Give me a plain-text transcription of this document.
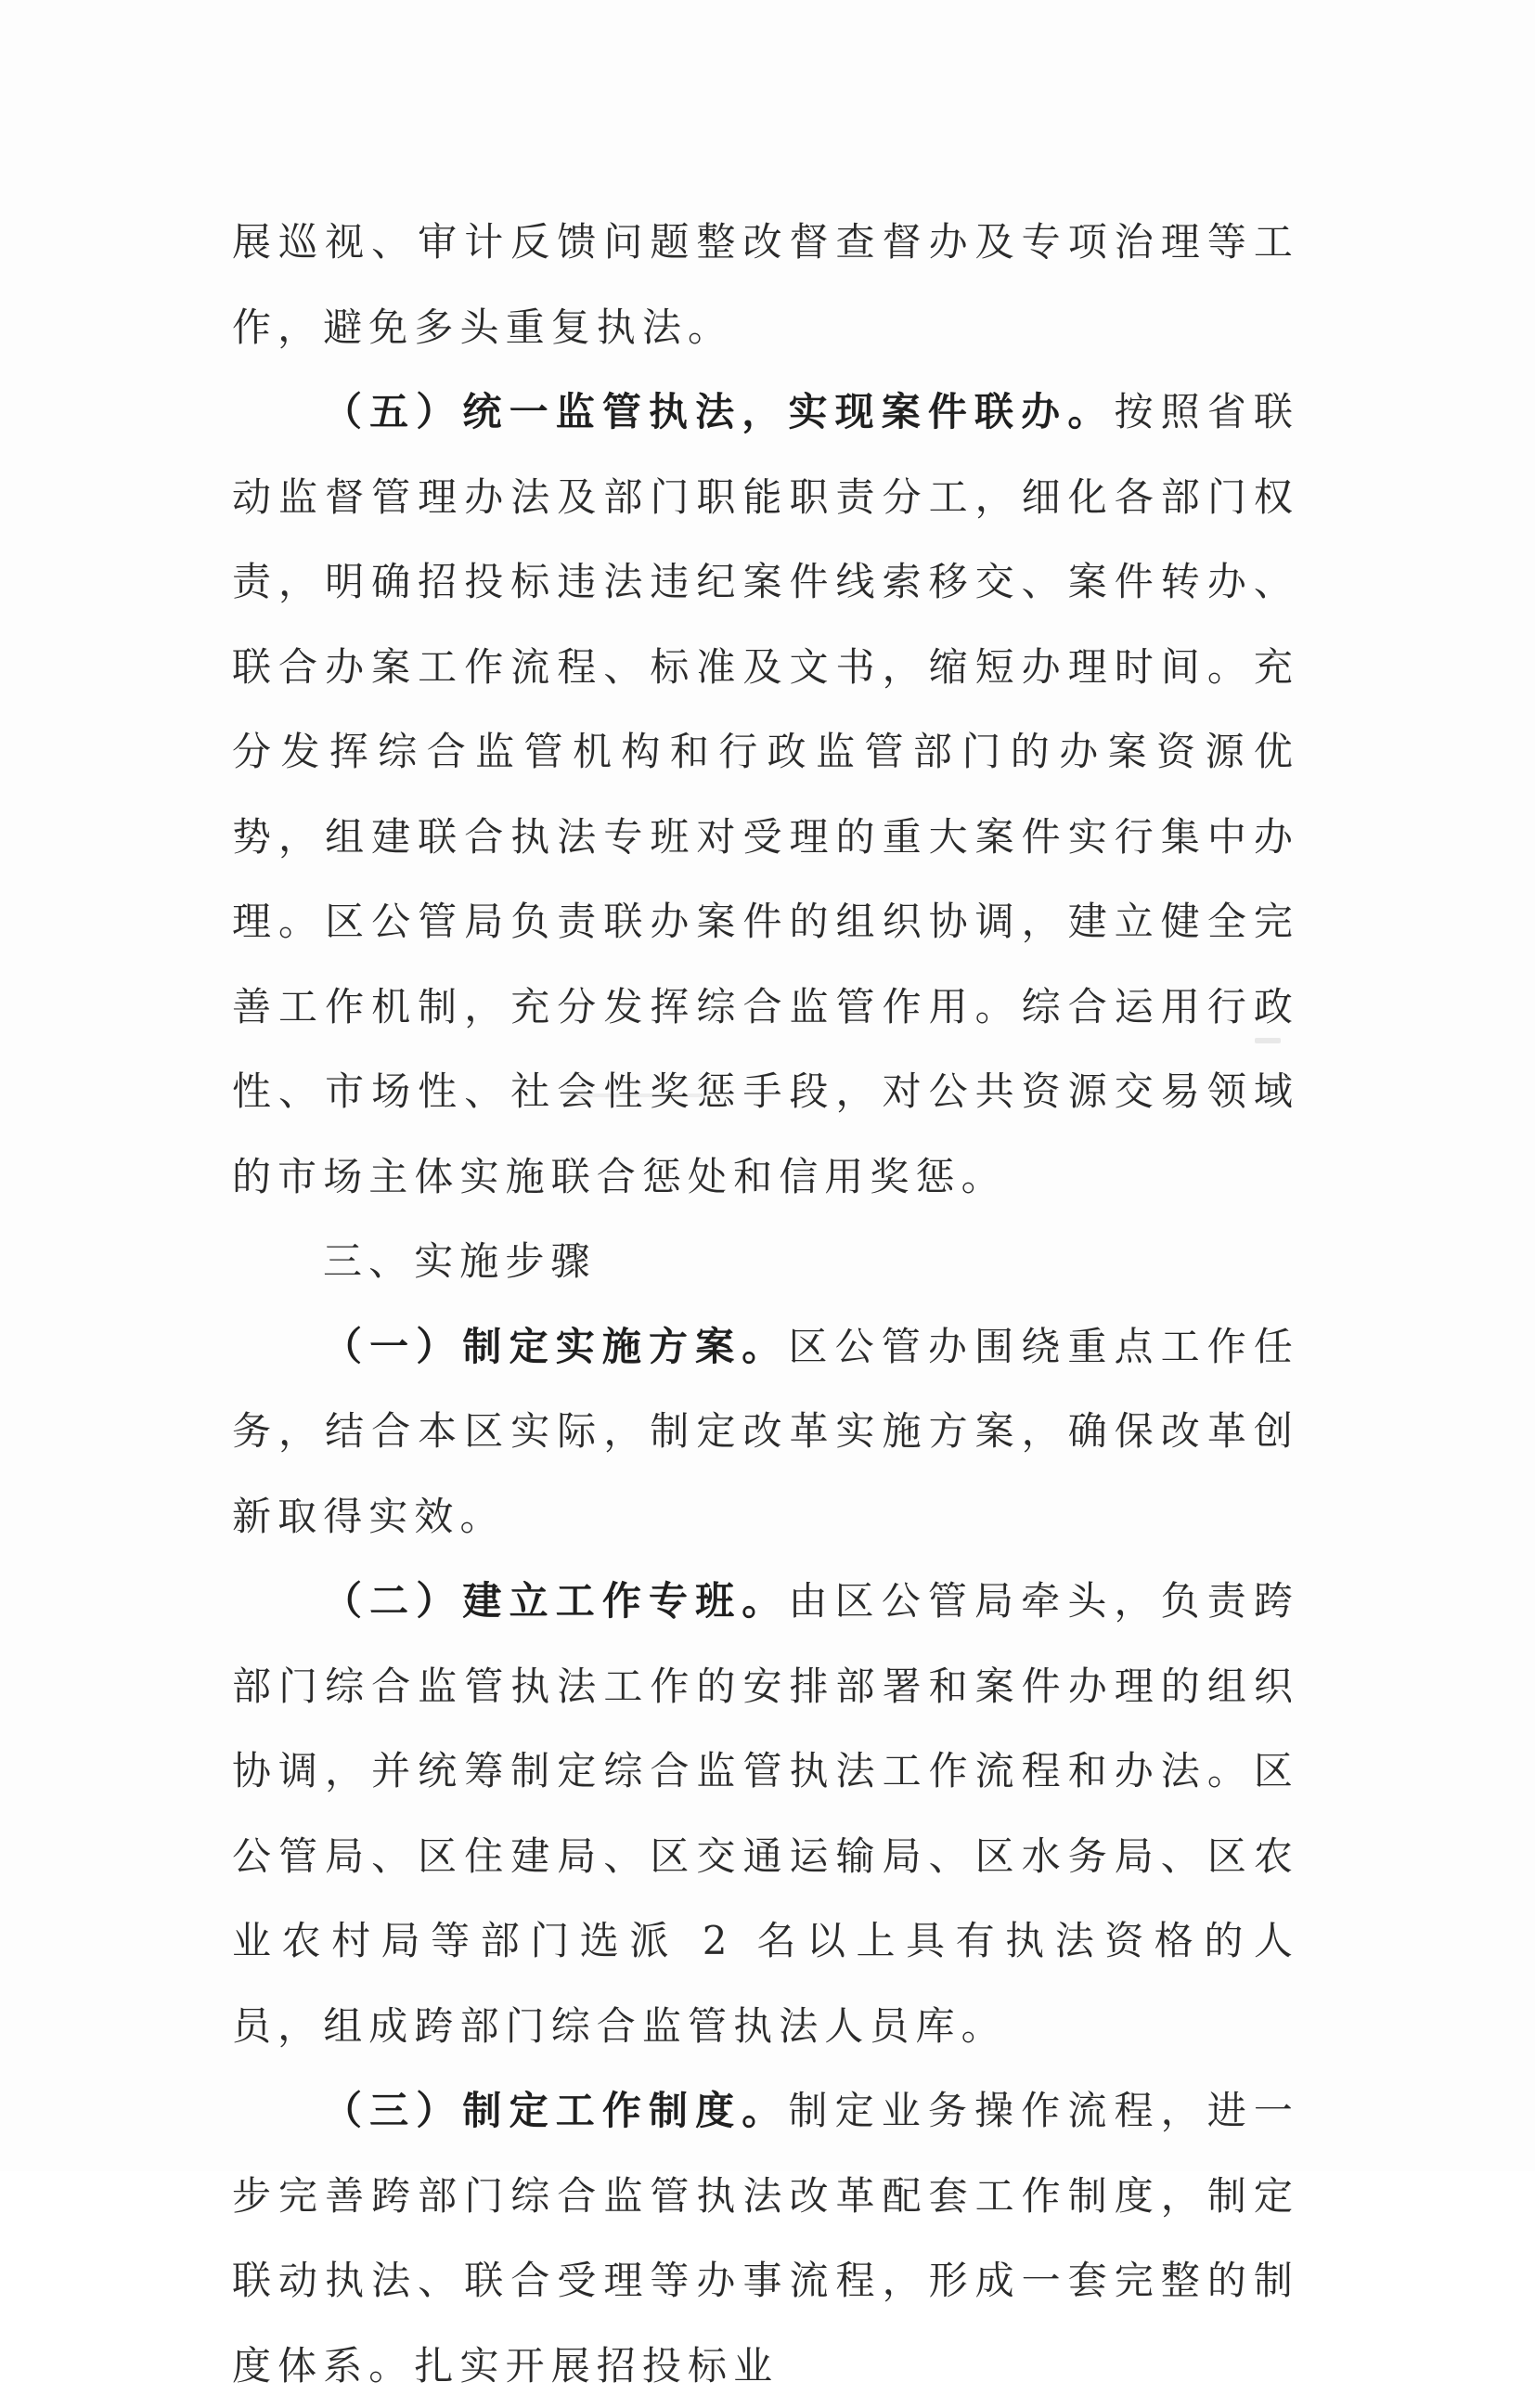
展巡视、审计反馈问题整改督查督办及专项治理等工作，避免多头重复执法。

（五）统一监管执法，实现案件联办。按照省联动监督管理办法及部门职能职责分工，细化各部门权责，明确招投标违法违纪案件线索移交、案件转办、联合办案工作流程、标准及文书，缩短办理时间。充分发挥综合监管机构和行政监管部门的办案资源优势，组建联合执法专班对受理的重大案件实行集中办理。区公管局负责联办案件的组织协调，建立健全完善工作机制，充分发挥综合监管作用。综合运用行政性、市场性、社会性奖惩手段，对公共资源交易领域的市场主体实施联合惩处和信用奖惩。

三、实施步骤

（一）制定实施方案。区公管办围绕重点工作任务，结合本区实际，制定改革实施方案，确保改革创新取得实效。

（二）建立工作专班。由区公管局牵头，负责跨部门综合监管执法工作的安排部署和案件办理的组织协调，并统筹制定综合监管执法工作流程和办法。区公管局、区住建局、区交通运输局、区水务局、区农业农村局等部门选派 2 名以上具有执法资格的人员，组成跨部门综合监管执法人员库。

（三）制定工作制度。制定业务操作流程，进一步完善跨部门综合监管执法改革配套工作制度，制定联动执法、联合受理等办事流程，形成一套完整的制度体系。扎实开展招投标业
